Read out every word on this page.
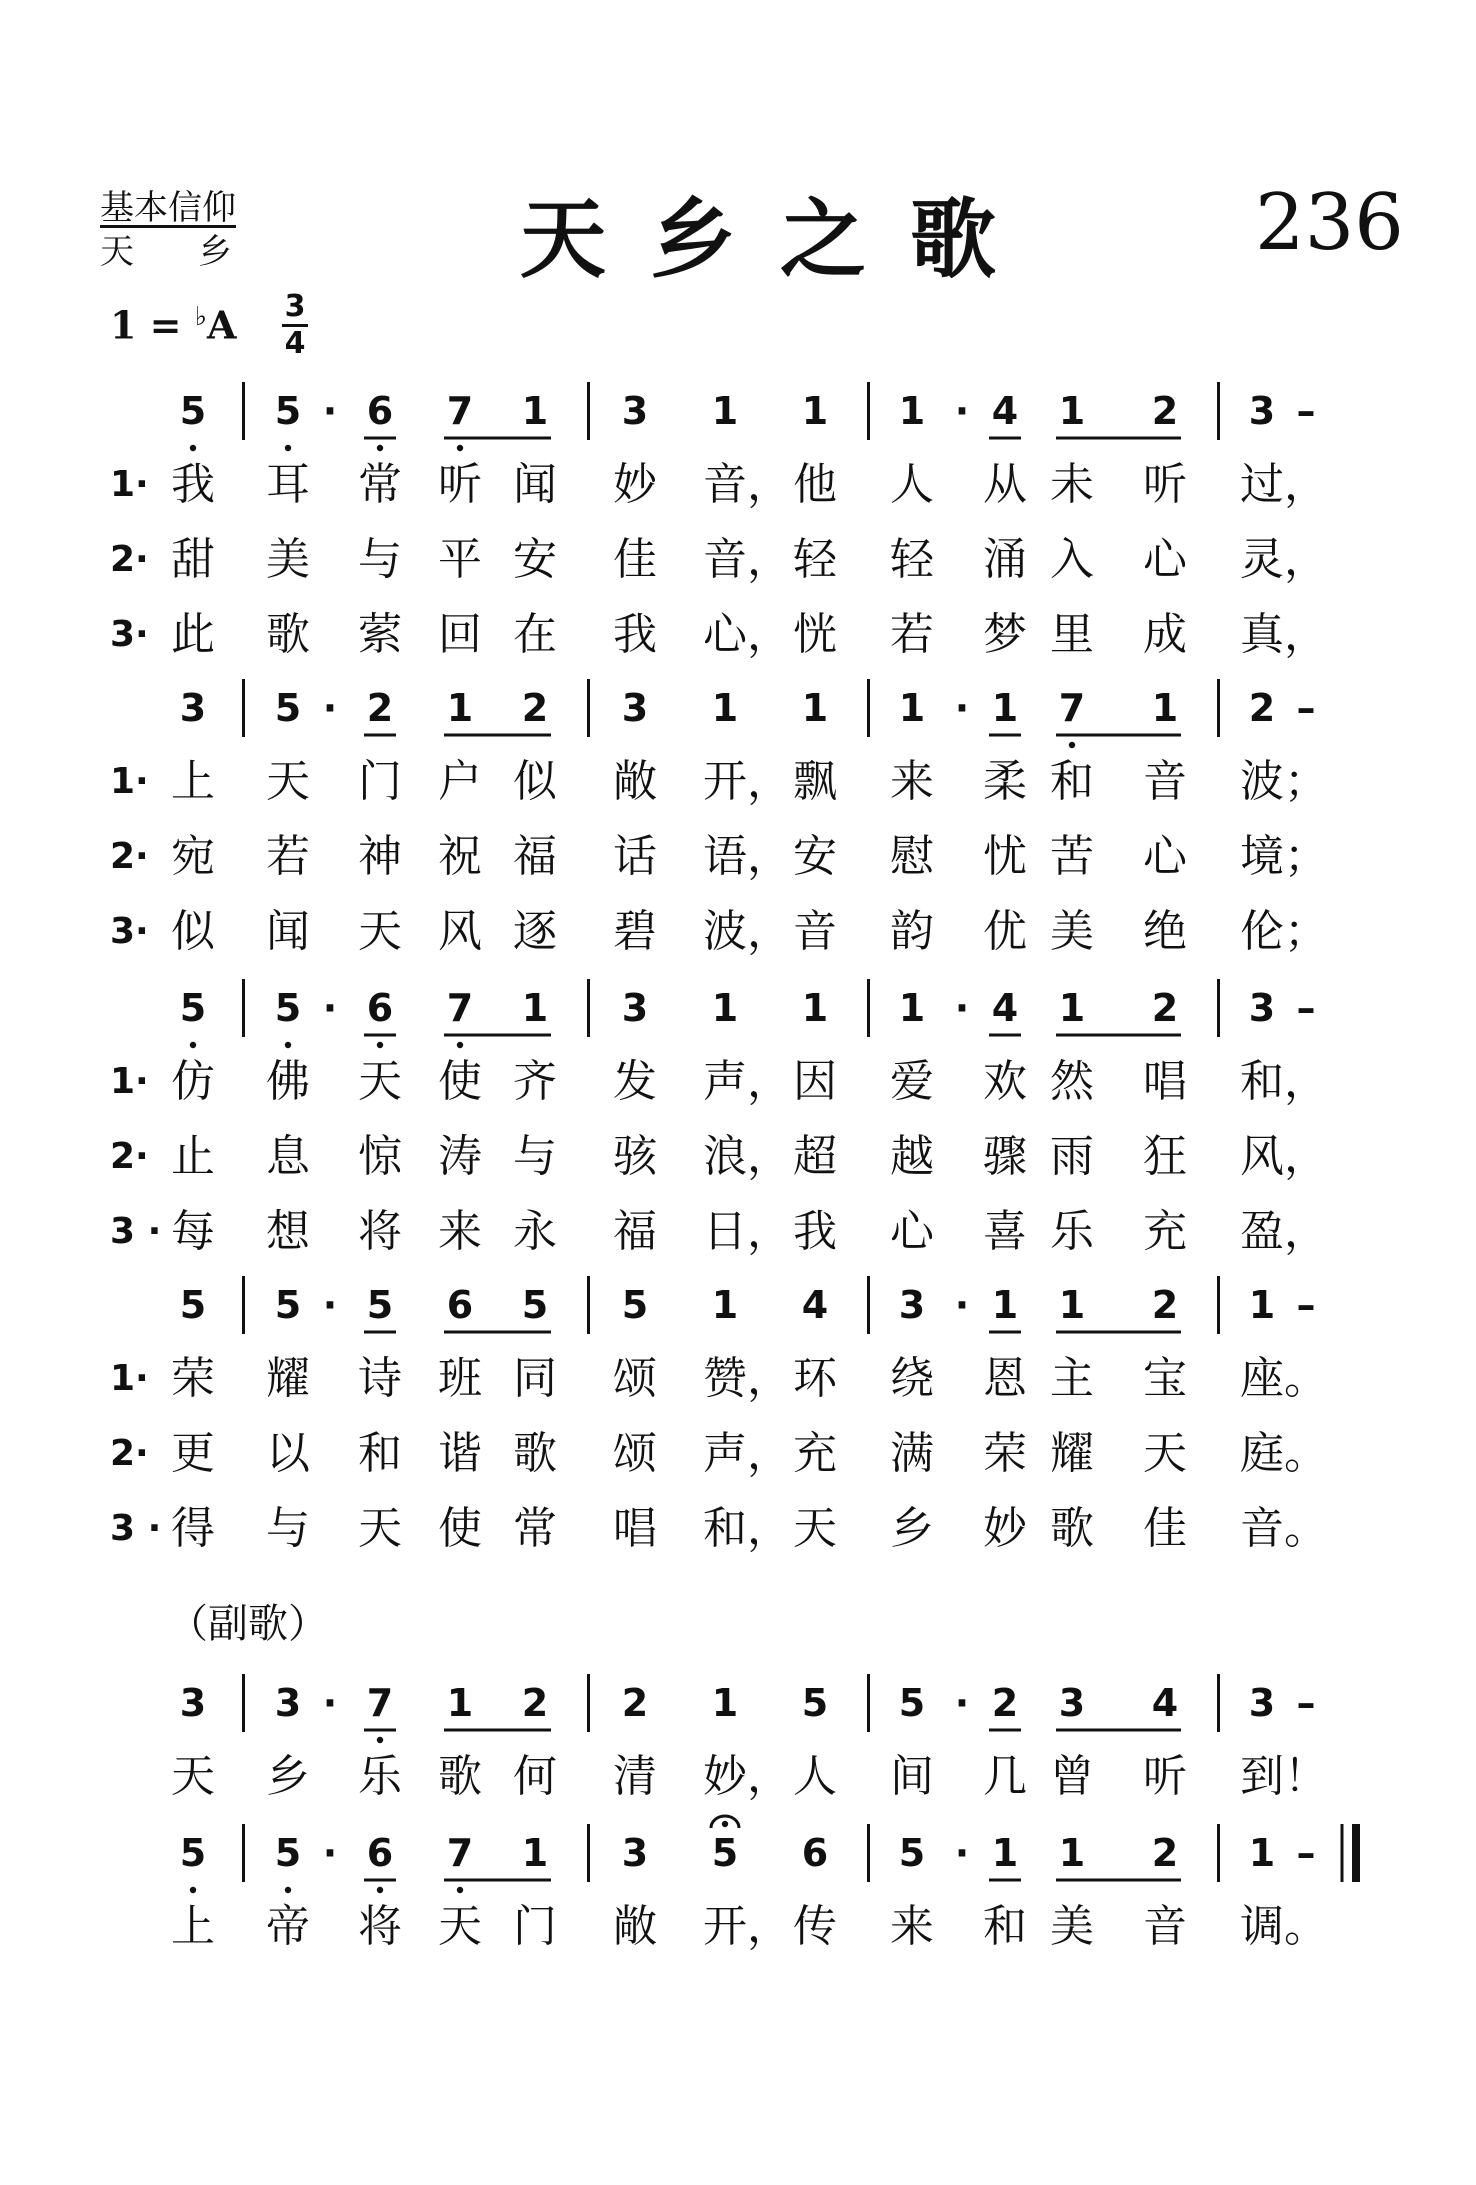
基本信仰
天乡	天乡之歌	236
1 = ♭A 3
4
（副歌）
5 5 · 6 7 1 3 1 1 1 · 4 1 2 3 –
1· 我 耳 常 听 闻 妙 音， 他 人 从 未 听 过，
2· 甜 美 与 平 安 佳 音， 轻 轻 涌 入 心 灵，
3· 此 歌 萦 回 在 我 心， 恍 若 梦 里 成 真，
3 5 · 2 1 2 3 1 1 1 · 1 7 1 2 –
1· 上 天 门 户 似 敞 开， 飘 来 柔 和 音 波；
2· 宛 若 神 祝 福 话 语， 安 慰 忧 苦 心 境；
3· 似 闻 天 风 逐 碧 波， 音 韵 优 美 绝 伦；
5 5 · 6 7 1 3 1 1 1 · 4 1 2 3 –
1· 仿 佛 天 使 齐 发 声， 因 爱 欢 然 唱 和，
2· 止 息 惊 涛 与 骇 浪， 超 越 骤 雨 狂 风，
3 · 每 想 将 来 永 福 日， 我 心 喜 乐 充 盈，
5 5 · 5 6 5 5 1 4 3 · 1 1 2 1 –
1· 荣 耀 诗 班 同 颂 赞， 环 绕 恩 主 宝 座。
2· 更 以 和 谐 歌 颂 声， 充 满 荣 耀 天 庭。
3 · 得 与 天 使 常 唱 和， 天 乡 妙 歌 佳 音。
3 3 · 7 1 2 2 1 5 5 · 2 3 4 3 –
天 乡 乐 歌 何 清 妙， 人 间 几 曾 听 到！
5 5 · 6 7 1 3 5 6 5 · 1 1 2 1 –
上 帝 将 天 门 敞 开， 传 来 和 美 音 调。
